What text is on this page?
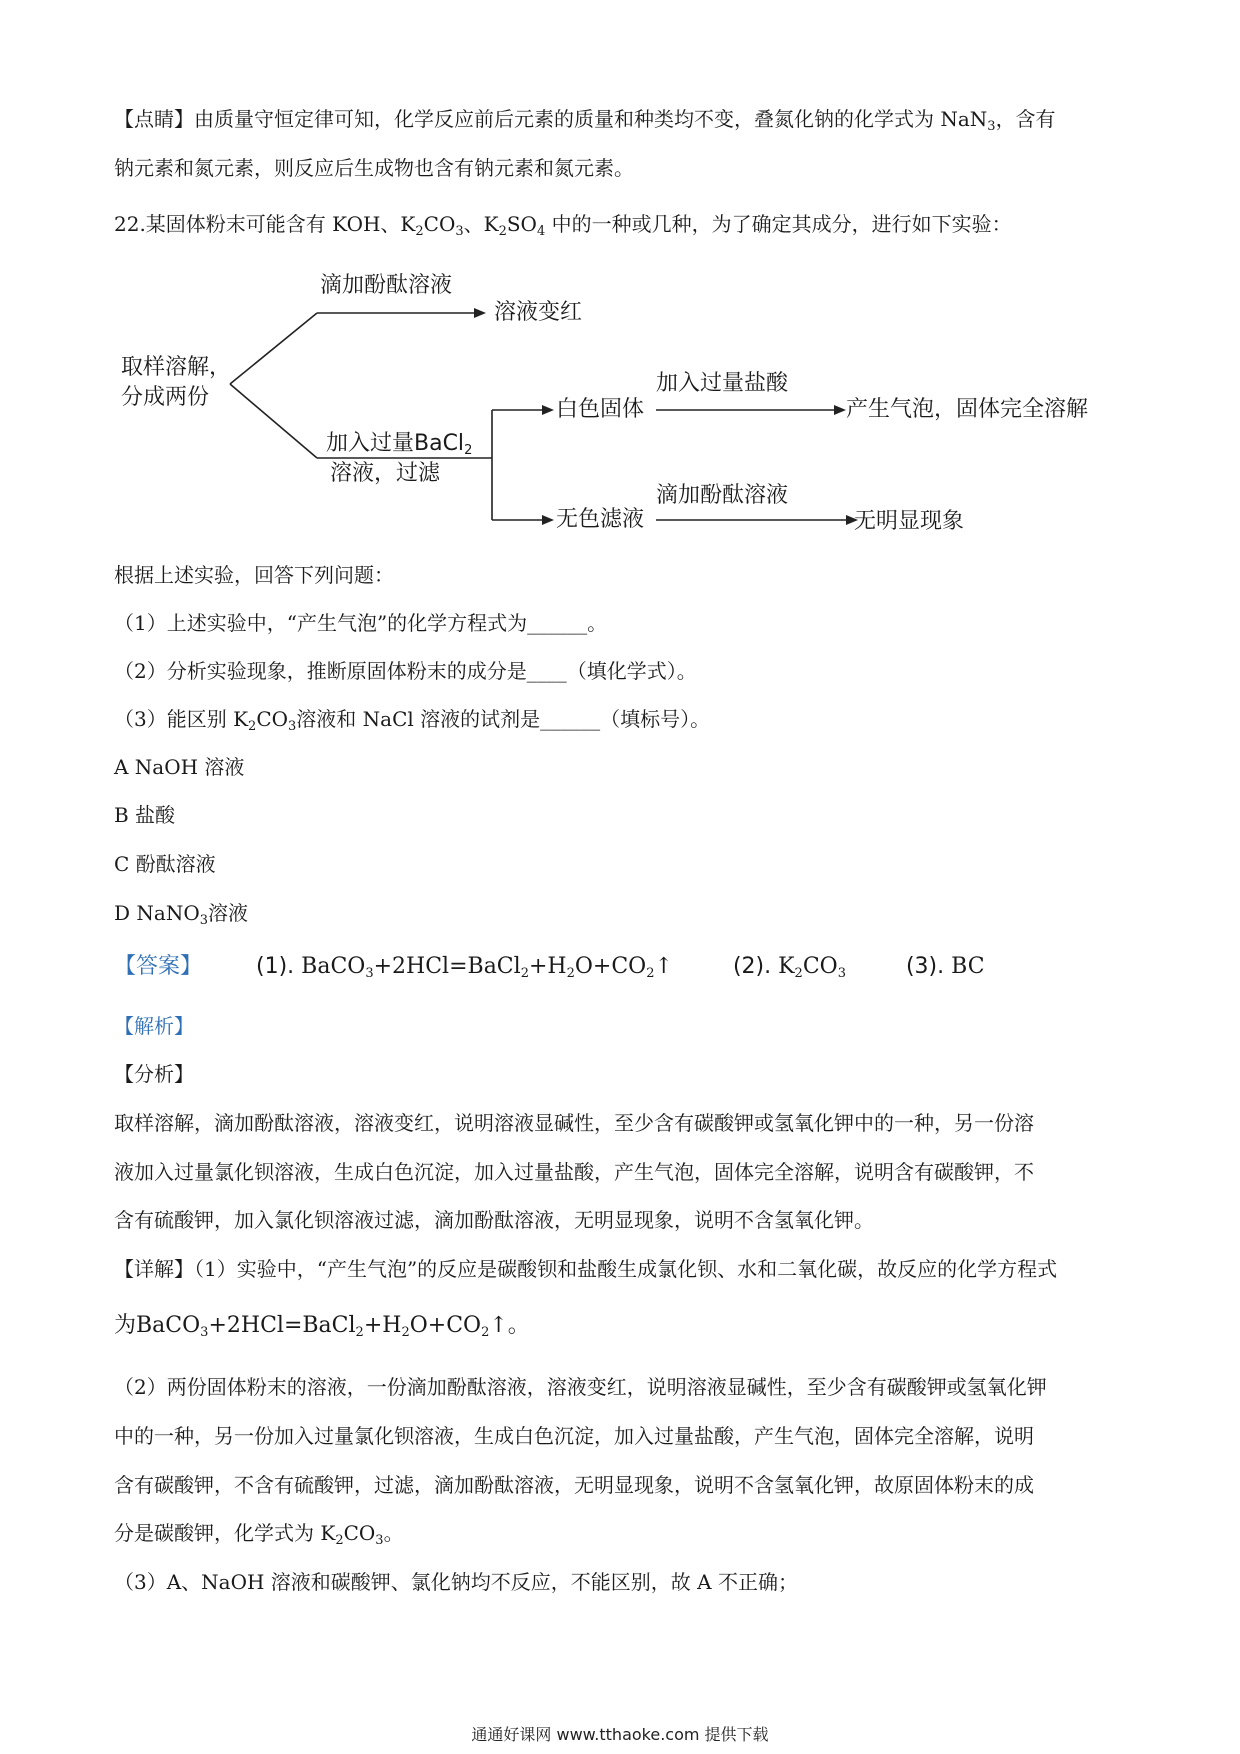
【点睛】由质量守恒定律可知，化学反应前后元素的质量和种类均不变，叠氮化钠的化学式为 NaN$_3$，含有
钠元素和氮元素，则反应后生成物也含有钠元素和氮元素。
22.某固体粉末可能含有 KOH、$K_2CO_3$、$K_2SO_4$ 中的一种或几种，为了确定其成分，进行如下实验：
取样溶解，
分成两份
滴加酚酞溶液
溶液变红
加入过量BaCl$_2$
溶液，过滤
白色固体
加入过量盐酸
产生气泡，固体完全溶解
无色滤液
滴加酚酞溶液
无明显现象
根据上述实验，回答下列问题：
（1）上述实验中，“产生气泡”的化学方程式为______。
（2）分析实验现象，推断原固体粉末的成分是____（填化学式）。
（3）能区别 $K_2CO_3$溶液和 NaCl 溶液的试剂是______（填标号）。
A NaOH 溶液
B 盐酸
C 酚酞溶液
D NaNO$_3$溶液
【答案】 (1). $BaCO_3+2HCl=BaCl_2+H_2O+CO_2↑$	(2). $K_2CO_3$	(3). BC
【解析】
【分析】
取样溶解，滴加酚酞溶液，溶液变红，说明溶液显碱性，至少含有碳酸钾或氢氧化钾中的一种，另一份溶
液加入过量氯化钡溶液，生成白色沉淀，加入过量盐酸，产生气泡，固体完全溶解，说明含有碳酸钾，不
含有硫酸钾，加入氯化钡溶液过滤，滴加酚酞溶液，无明显现象，说明不含氢氧化钾。
【详解】（1）实验中，“产生气泡”的反应是碳酸钡和盐酸生成氯化钡、水和二氧化碳，故反应的化学方程式
为$BaCO_3+2HCl=BaCl_2+H_2O+CO_2↑$。
（2）两份固体粉末的溶液，一份滴加酚酞溶液，溶液变红，说明溶液显碱性，至少含有碳酸钾或氢氧化钾
中的一种，另一份加入过量氯化钡溶液，生成白色沉淀，加入过量盐酸，产生气泡，固体完全溶解，说明
含有碳酸钾，不含有硫酸钾，过滤，滴加酚酞溶液，无明显现象，说明不含氢氧化钾，故原固体粉末的成
分是碳酸钾，化学式为 $K_2CO_3$。
（3）A、NaOH 溶液和碳酸钾、氯化钠均不反应，不能区别，故 A 不正确；
通通好课网 www.tthaoke.com 提供下载
